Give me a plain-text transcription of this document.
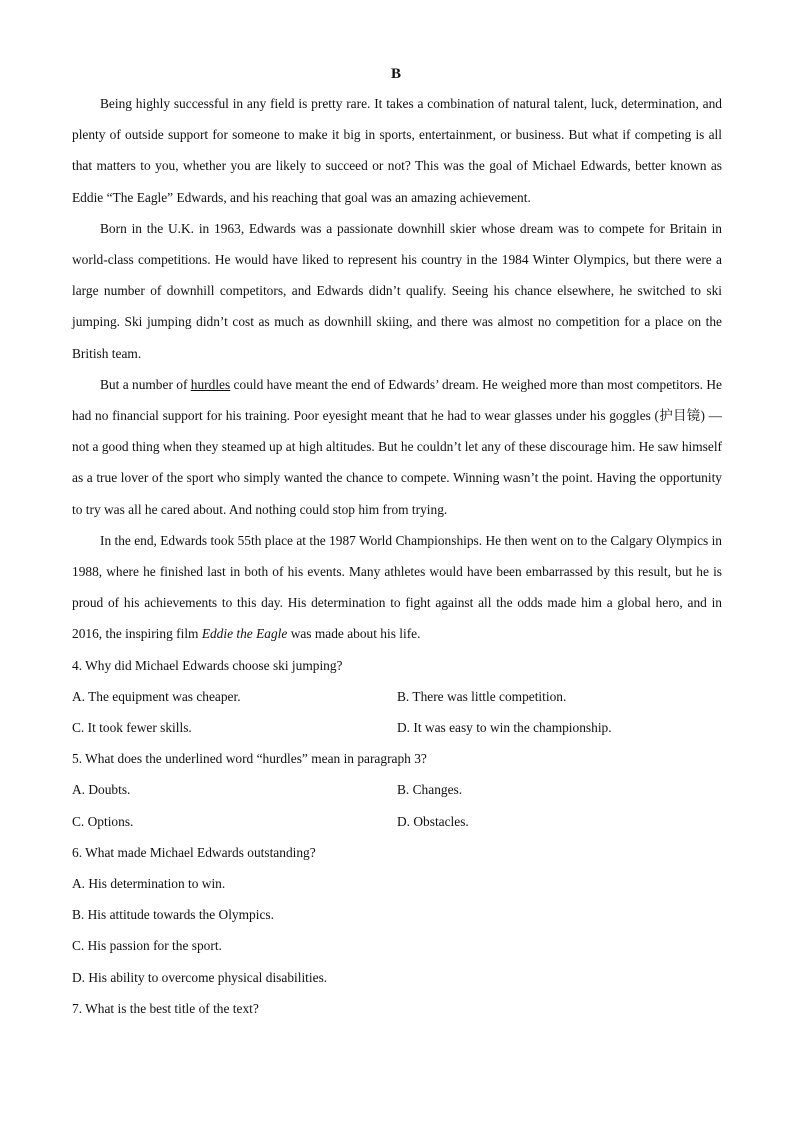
B

Being highly successful in any field is pretty rare. It takes a combination of natural talent, luck, determination, and plenty of outside support for someone to make it big in sports, entertainment, or business. But what if competing is all that matters to you, whether you are likely to succeed or not? This was the goal of Michael Edwards, better known as Eddie “The Eagle” Edwards, and his reaching that goal was an amazing achievement.

Born in the U.K. in 1963, Edwards was a passionate downhill skier whose dream was to compete for Britain in world-class competitions. He would have liked to represent his country in the 1984 Winter Olympics, but there were a large number of downhill competitors, and Edwards didn’t qualify. Seeing his chance elsewhere, he switched to ski jumping. Ski jumping didn’t cost as much as downhill skiing, and there was almost no competition for a place on the British team.

But a number of hurdles could have meant the end of Edwards’ dream. He weighed more than most competitors. He had no financial support for his training. Poor eyesight meant that he had to wear glasses under his goggles (护目镜) — not a good thing when they steamed up at high altitudes. But he couldn’t let any of these discourage him. He saw himself as a true lover of the sport who simply wanted the chance to compete. Winning wasn’t the point. Having the opportunity to try was all he cared about. And nothing could stop him from trying.

In the end, Edwards took 55th place at the 1987 World Championships. He then went on to the Calgary Olympics in 1988, where he finished last in both of his events. Many athletes would have been embarrassed by this result, but he is proud of his achievements to this day. His determination to fight against all the odds made him a global hero, and in 2016, the inspiring film Eddie the Eagle was made about his life.

4. Why did Michael Edwards choose ski jumping?

A. The equipment was cheaper.	B. There was little competition.
C. It took fewer skills.	D. It was easy to win the championship.

5. What does the underlined word “hurdles” mean in paragraph 3?

A. Doubts.	B. Changes.
C. Options.	D. Obstacles.

6. What made Michael Edwards outstanding?

A. His determination to win.

B. His attitude towards the Olympics.

C. His passion for the sport.

D. His ability to overcome physical disabilities.

7. What is the best title of the text?
